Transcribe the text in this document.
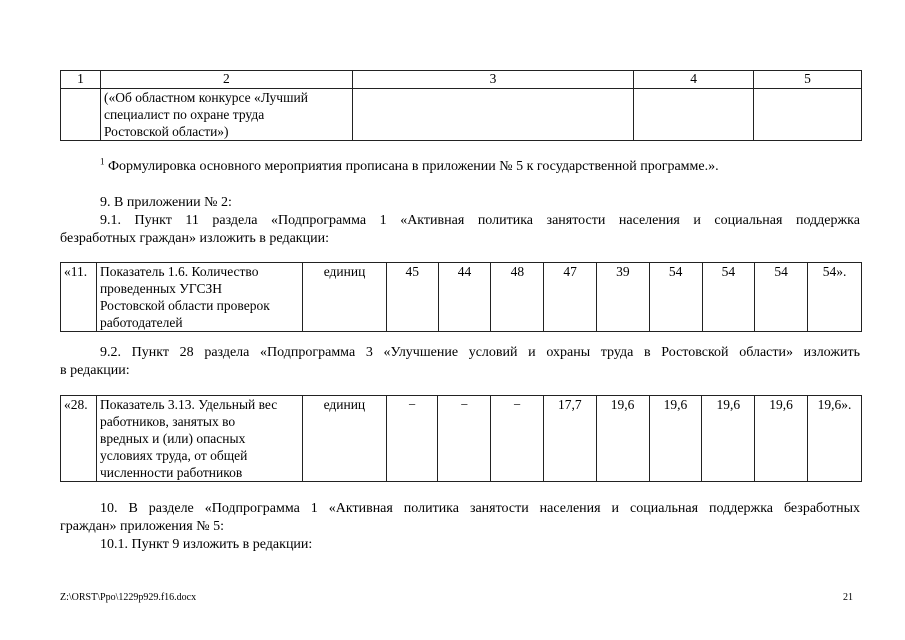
1	2	3	4	5

	(«Об областном конкурсе «Лучший
специалист по охране труда
Ростовской области»)			

$^1$ Формулировка основного мероприятия прописана в приложении № 5 к государственной программе.».

9. В приложении № 2:

9.1. Пункт 11 раздела «Подпрограмма 1 «Активная политика занятости населения и социальная поддержка

безработных граждан» изложить в редакции:

«11.	Показатель 1.6. Количество
проведенных УГСЗН
Ростовской области проверок
работодателей
	единиц	45	44	48	47	39	54	54	54	54».

9.2. Пункт 28 раздела «Подпрограмма 3 «Улучшение условий и охраны труда в Ростовской области» изложить

в редакции:

«28.	Показатель 3.13. Удельный вес
работников, занятых во
вредных и (или) опасных
условиях труда, от общей
численности работников
	единиц	−	−	−	17,7	19,6	19,6	19,6	19,6	19,6».

10. В разделе «Подпрограмма 1 «Активная политика занятости населения и социальная поддержка безработных

граждан» приложения № 5:

10.1. Пункт 9 изложить в редакции:

Z:\ORST\Ppo\1229p929.f16.docx	21
